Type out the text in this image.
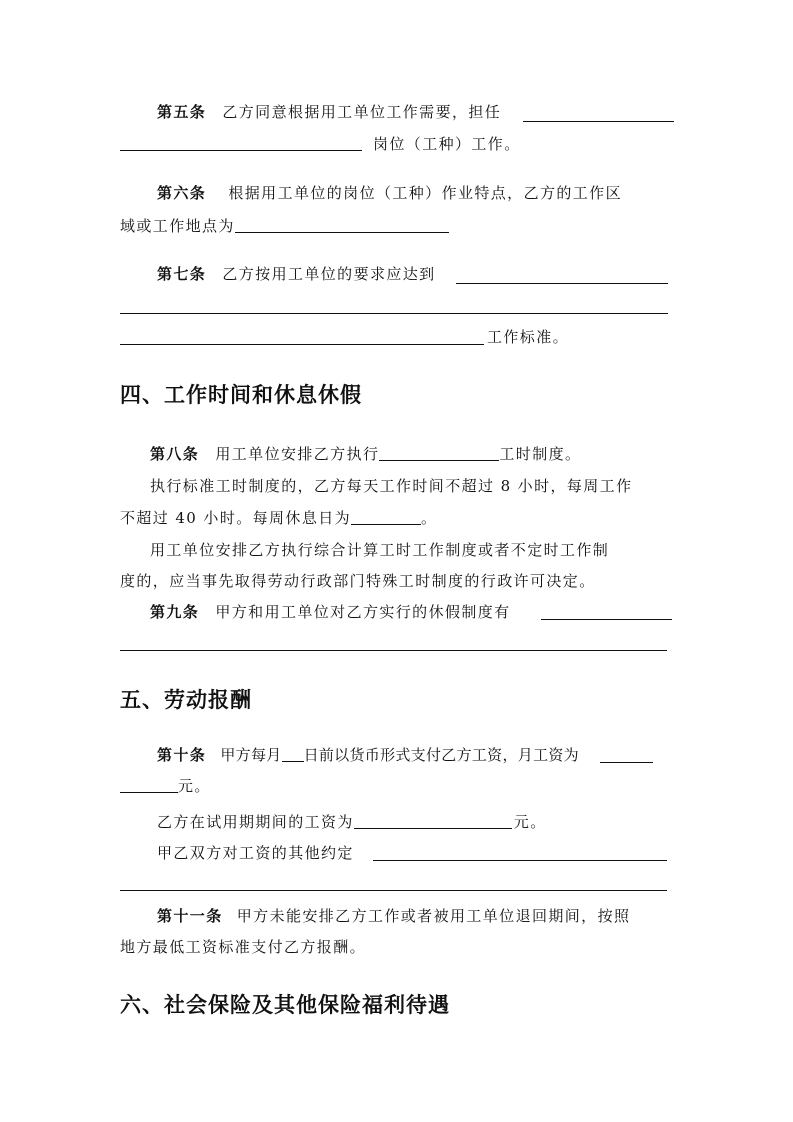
第五条 乙方同意根据用工单位工作需要，担任
岗位（工种）工作。
第六条 根据用工单位的岗位（工种）作业特点，乙方的工作区
域或工作地点为
第七条 乙方按用工单位的要求应达到
工作标准。
四、工作时间和休息休假
第八条 用工单位安排乙方执行	工时制度。
执行标准工时制度的，乙方每天工作时间不超过 8 小时，每周工作
不超过 40 小时。每周休息日为	。
用工单位安排乙方执行综合计算工时工作制度或者不定时工作制
度的，应当事先取得劳动行政部门特殊工时制度的行政许可决定。
第九条 甲方和用工单位对乙方实行的休假制度有
五、劳动报酬
第十条 甲方每月 日前以货币形式支付乙方工资，月工资为
元。
乙方在试用期期间的工资为	元。
甲乙双方对工资的其他约定
第十一条 甲方未能安排乙方工作或者被用工单位退回期间，按照
地方最低工资标准支付乙方报酬。
六、社会保险及其他保险福利待遇
